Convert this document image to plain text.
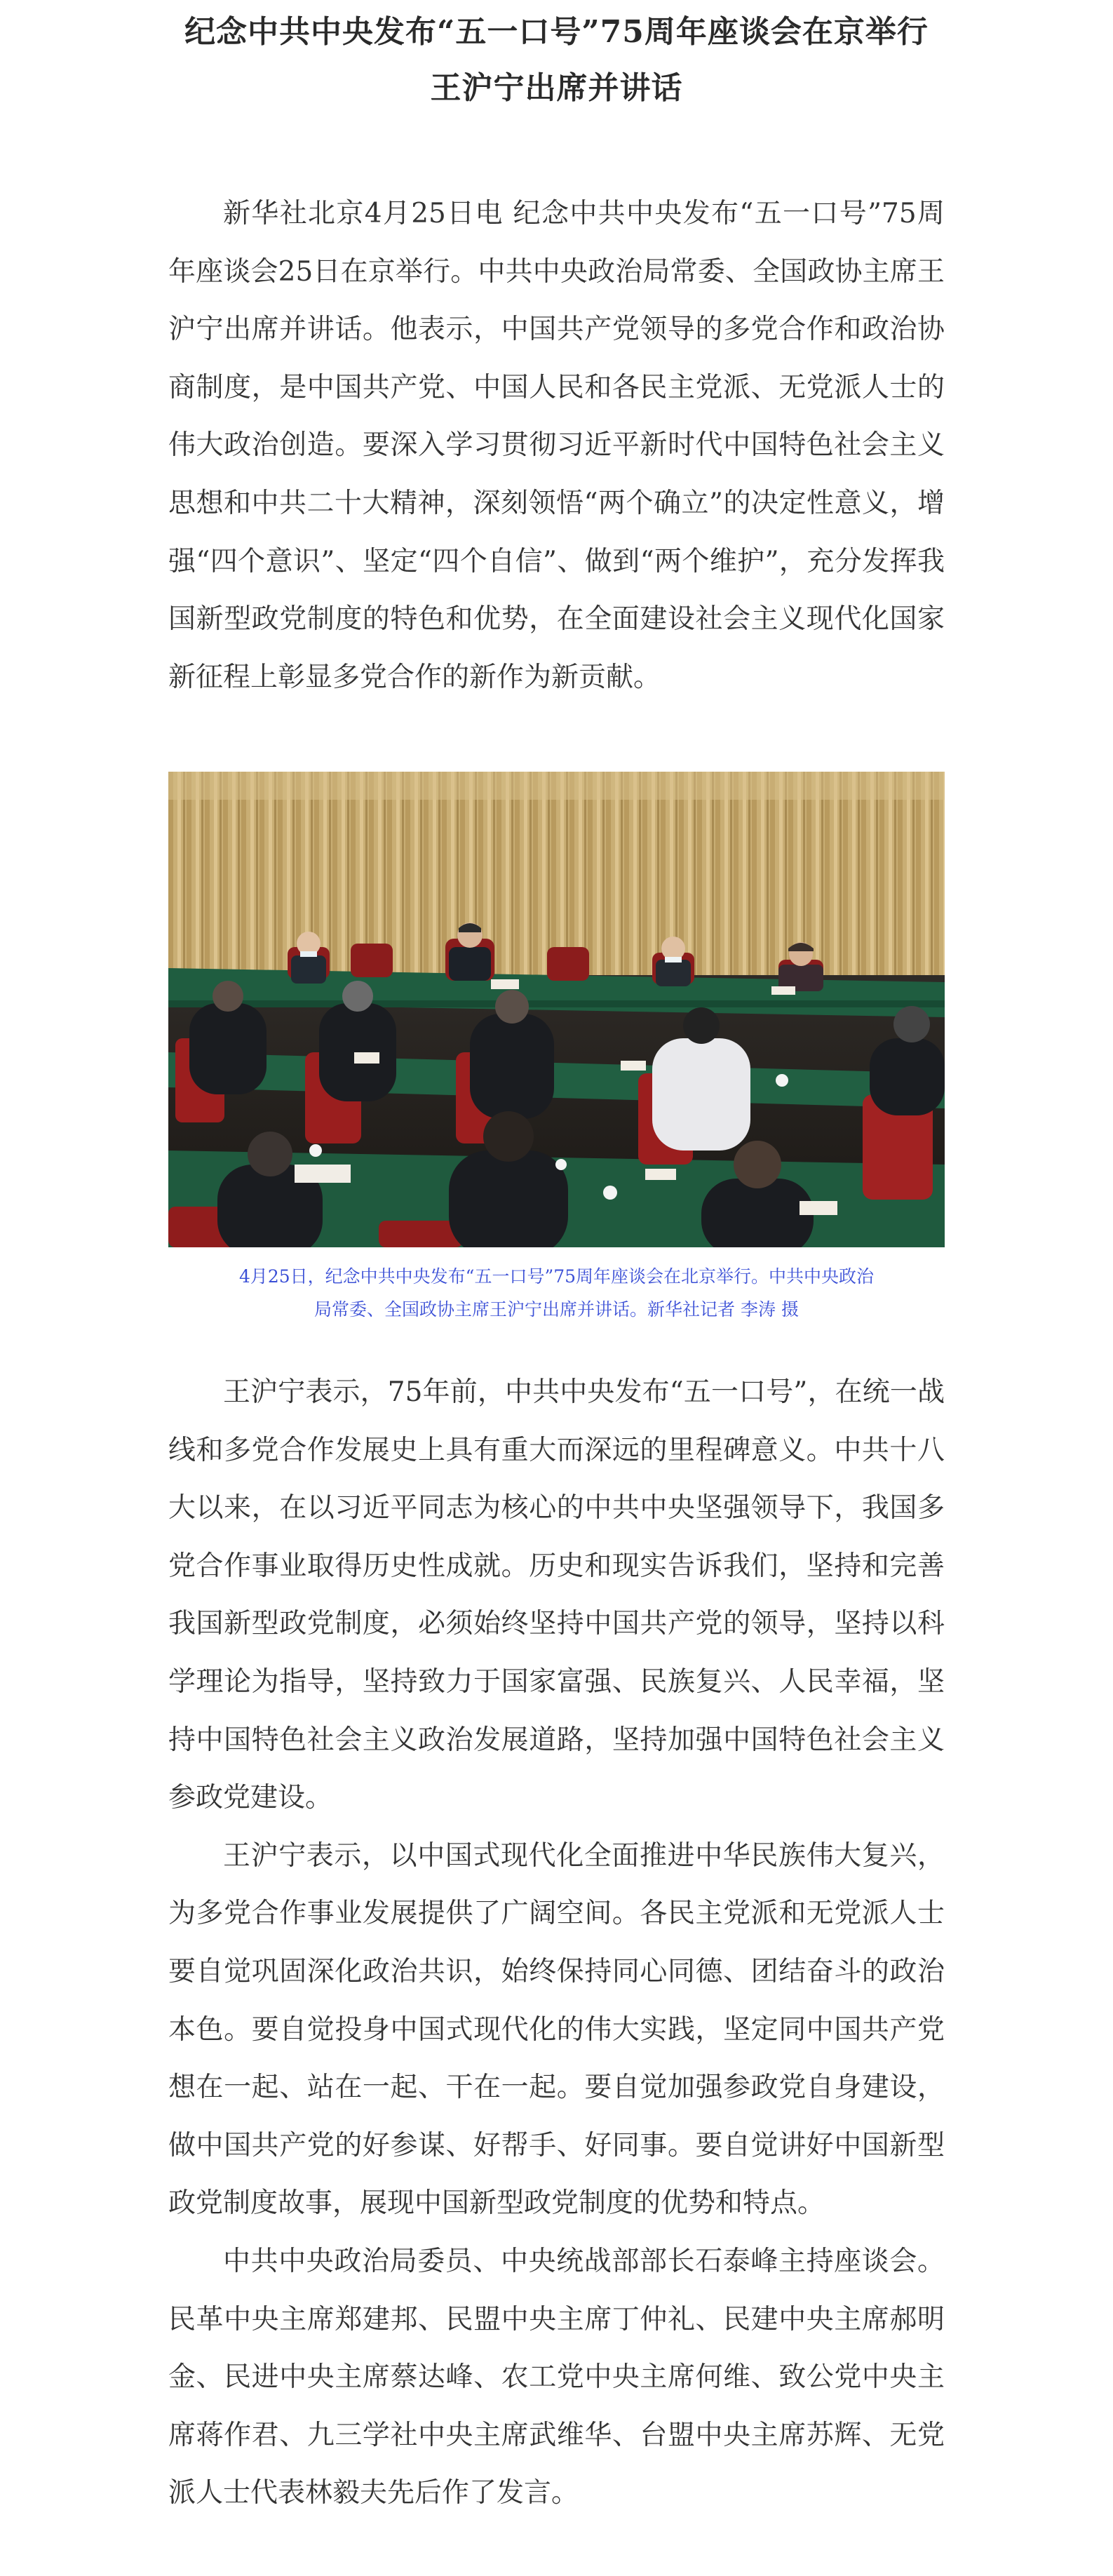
纪念中共中央发布“五一口号”75周年座谈会在京举行
王沪宁出席并讲话

新华社北京4月25日电 纪念中共中央发布“五一口号”75周年座谈会25日在京举行。中共中央政治局常委、全国政协主席王沪宁出席并讲话。他表示，中国共产党领导的多党合作和政治协商制度，是中国共产党、中国人民和各民主党派、无党派人士的伟大政治创造。要深入学习贯彻习近平新时代中国特色社会主义思想和中共二十大精神，深刻领悟“两个确立”的决定性意义，增强“四个意识”、坚定“四个自信”、做到“两个维护”，充分发挥我国新型政党制度的特色和优势，在全面建设社会主义现代化国家新征程上彰显多党合作的新作为新贡献。

4月25日，纪念中共中央发布“五一口号”75周年座谈会在北京举行。中共中央政治
局常委、全国政协主席王沪宁出席并讲话。新华社记者 李涛 摄

王沪宁表示，75年前，中共中央发布“五一口号”，在统一战线和多党合作发展史上具有重大而深远的里程碑意义。中共十八大以来，在以习近平同志为核心的中共中央坚强领导下，我国多党合作事业取得历史性成就。历史和现实告诉我们，坚持和完善我国新型政党制度，必须始终坚持中国共产党的领导，坚持以科学理论为指导，坚持致力于国家富强、民族复兴、人民幸福，坚持中国特色社会主义政治发展道路，坚持加强中国特色社会主义参政党建设。

王沪宁表示，以中国式现代化全面推进中华民族伟大复兴，为多党合作事业发展提供了广阔空间。各民主党派和无党派人士要自觉巩固深化政治共识，始终保持同心同德、团结奋斗的政治本色。要自觉投身中国式现代化的伟大实践，坚定同中国共产党想在一起、站在一起、干在一起。要自觉加强参政党自身建设，做中国共产党的好参谋、好帮手、好同事。要自觉讲好中国新型政党制度故事，展现中国新型政党制度的优势和特点。

中共中央政治局委员、中央统战部部长石泰峰主持座谈会。民革中央主席郑建邦、民盟中央主席丁仲礼、民建中央主席郝明金、民进中央主席蔡达峰、农工党中央主席何维、致公党中央主席蒋作君、九三学社中央主席武维华、台盟中央主席苏辉、无党派人士代表林毅夫先后作了发言。
